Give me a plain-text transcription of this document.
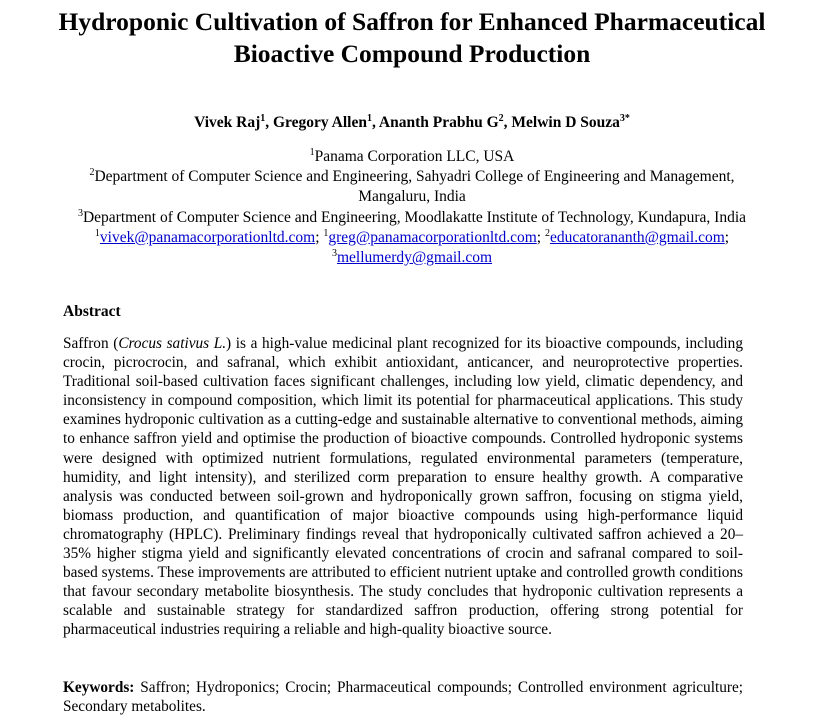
Hydroponic Cultivation of Saffron for Enhanced Pharmaceutical Bioactive Compound Production
Vivek Raj$^1$, Gregory Allen$^1$, Ananth Prabhu $G^2$, Melwin D Souza$^{3*}$
$^1$Panama Corporation LLC, USA
$^2$Department of Computer Science and Engineering, Sahyadri College of Engineering and Management,
Mangaluru, India
$^3$Department of Computer Science and Engineering, Moodlakatte Institute of Technology, Kundapura, India
$^1$vivek@panamacorporationltd.com; $^1$greg@panamacorporationltd.com; $^2$educatorananth@gmail.com;
$^3$mellumerdy@gmail.com
Abstract

Saffron (Crocus sativus L.) is a high-value medicinal plant recognized for its bioactive compounds, including crocin, picrocrocin, and safranal, which exhibit antioxidant, anticancer, and neuroprotective properties. Traditional soil-based cultivation faces significant challenges, including low yield, climatic dependency, and inconsistency in compound composition, which limit its potential for pharmaceutical applications. This study examines hydroponic cultivation as a cutting-edge and sustainable alternative to conventional methods, aiming to enhance saffron yield and optimise the production of bioactive compounds. Controlled hydroponic systems were designed with optimized nutrient formulations, regulated environmental parameters (temperature, humidity, and light intensity), and sterilized corm preparation to ensure healthy growth. A comparative analysis was conducted between soil-grown and hydroponically grown saffron, focusing on stigma yield, biomass production, and quantification of major bioactive compounds using high-performance liquid chromatography (HPLC). Preliminary findings reveal that hydroponically cultivated saffron achieved a 20–35% higher stigma yield and significantly elevated concentrations of crocin and safranal compared to soil-based systems. These improvements are attributed to efficient nutrient uptake and controlled growth conditions that favour secondary metabolite biosynthesis. The study concludes that hydroponic cultivation represents a scalable and sustainable strategy for standardized saffron production, offering strong potential for pharmaceutical industries requiring a reliable and high-quality bioactive source.

Keywords: Saffron; Hydroponics; Crocin; Pharmaceutical compounds; Controlled environment agriculture; Secondary metabolites.
